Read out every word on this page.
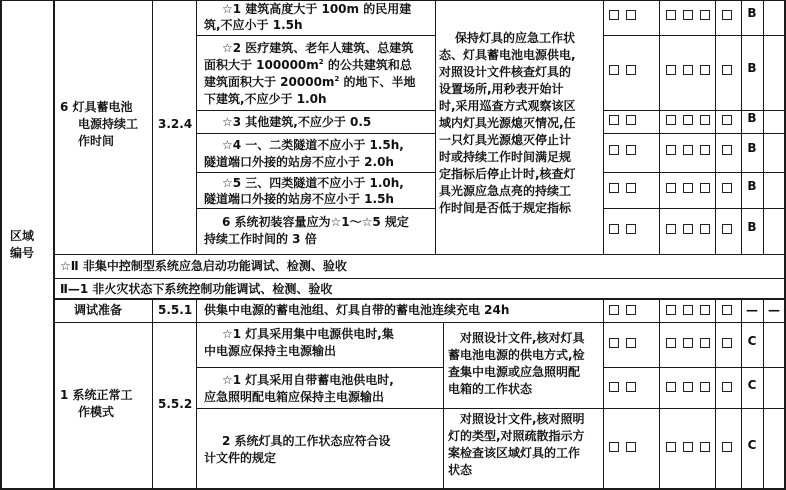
区域
编号
6 灯具蓄电池
电源持续工
作时间
3.2.4
☆1 建筑高度大于 100m 的民用建
筑,不应小于 1.5h
☆2 医疗建筑、老年人建筑、总建筑
面积大于 $100000m^2$ 的公共建筑和总
建筑面积大于 $20000m^2$ 的地下、半地
下建筑,不应少于 1.0h
☆3 其他建筑,不应少于 0.5
☆4 一、二类隧道不应小于 1.5h,
隧道端口外接的站房不应小于 2.0h
☆5 三、四类隧道不应小于 1.0h,
隧道端口外接的站房不应小于 1.5h
6 系统初装容量应为☆1～☆5 规定
持续工作时间的 3 倍
保持灯具的应急工作状
态、灯具蓄电池电源供电,
对照设计文件核查灯具的
设置场所,用秒表开始计
时,采用巡查方式观察该区
域内灯具光源熄灭情况,任
一只灯具光源熄灭停止计
时或持续工作时间满足规
定指标后停止计时,核查灯
具光源应急点亮的持续工
作时间是否低于规定指标
☆Ⅱ 非集中控制型系统应急启动功能调试、检测、验收
Ⅱ—1 非火灾状态下系统控制功能调试、检测、验收
调试准备	5.5.1 供集中电源的蓄电池组、灯具自带的蓄电池连续充电 24h	— —
1 系统正常工
作模式
5.5.2
☆1 灯具采用集中电源供电时,集
中电源应保持主电源输出
☆1 灯具采用自带蓄电池供电时,
应急照明配电箱应保持主电源输出
2 系统灯具的工作状态应符合设
计文件的规定
对照设计文件,核对灯具
蓄电池电源的供电方式,检
查集中电源或应急照明配
电箱的工作状态
对照设计文件,核对照明
灯的类型,对照疏散指示方
案检查该区域灯具的工作
状态
B
B
B
B
B
B
C
C
C
